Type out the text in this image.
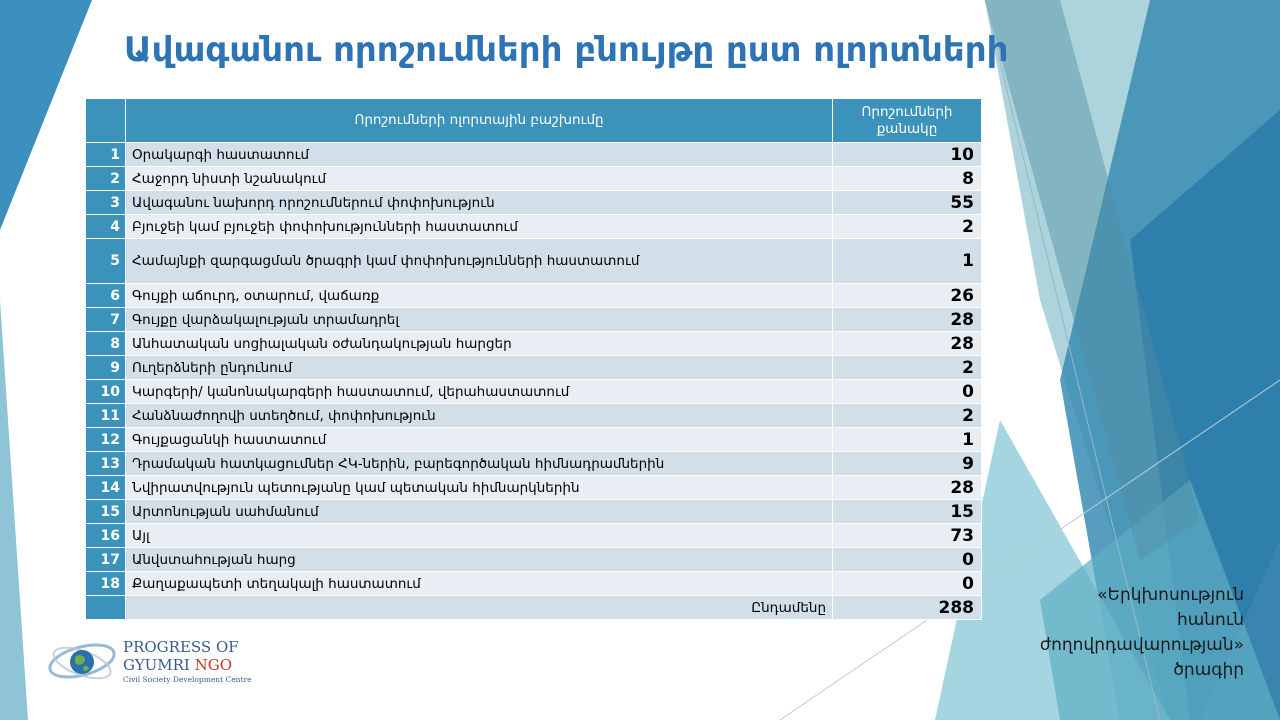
Ավագանու որոշումների բնույթը ըստ ոլորտների
	Որոշումների ոլորտային բաշխումը	Որոշումների քանակը
1	Օրակարգի հաստատում	10
2	Հաջորդ նիստի նշանակում	8
3	Ավագանու նախորդ որոշումներում փոփոխություն	55
4	Բյուջեի կամ բյուջեի փոփոխությունների հաստատում	2
5	Համայնքի զարգացման ծրագրի կամ փոփոխությունների հաստատում	1
6	Գույքի աճուրդ, օտարում, վաճառք	26
7	Գույքը վարձակալության տրամադրել	28
8	Անհատական սոցիալական օժանդակության հարցեր	28
9	Ուղերձների ընդունում	2
10	Կարգերի/ կանոնակարգերի հաստատում, վերահաստատում	0
11	Հանձնաժողովի ստեղծում, փոփոխություն	2
12	Գույքացանկի հաստատում	1
13	Դրամական հատկացումներ ՀԿ-ներին, բարեգործական հիմնադրամներին	9
14	Նվիրատվություն պետությանը կամ պետական հիմնարկներին	28
15	Արտոնության սահմանում	15
16	Այլ	73
17	Անվստահության հարց	0
18	Քաղաքապետի տեղակալի հաստատում	0
	Ընդամենը	288
PROGRESS OF
GYUMRI NGO
Civil Society Development Centre
«Երկխոսություն
հանուն
ժողովրդավարության»
ծրագիր
